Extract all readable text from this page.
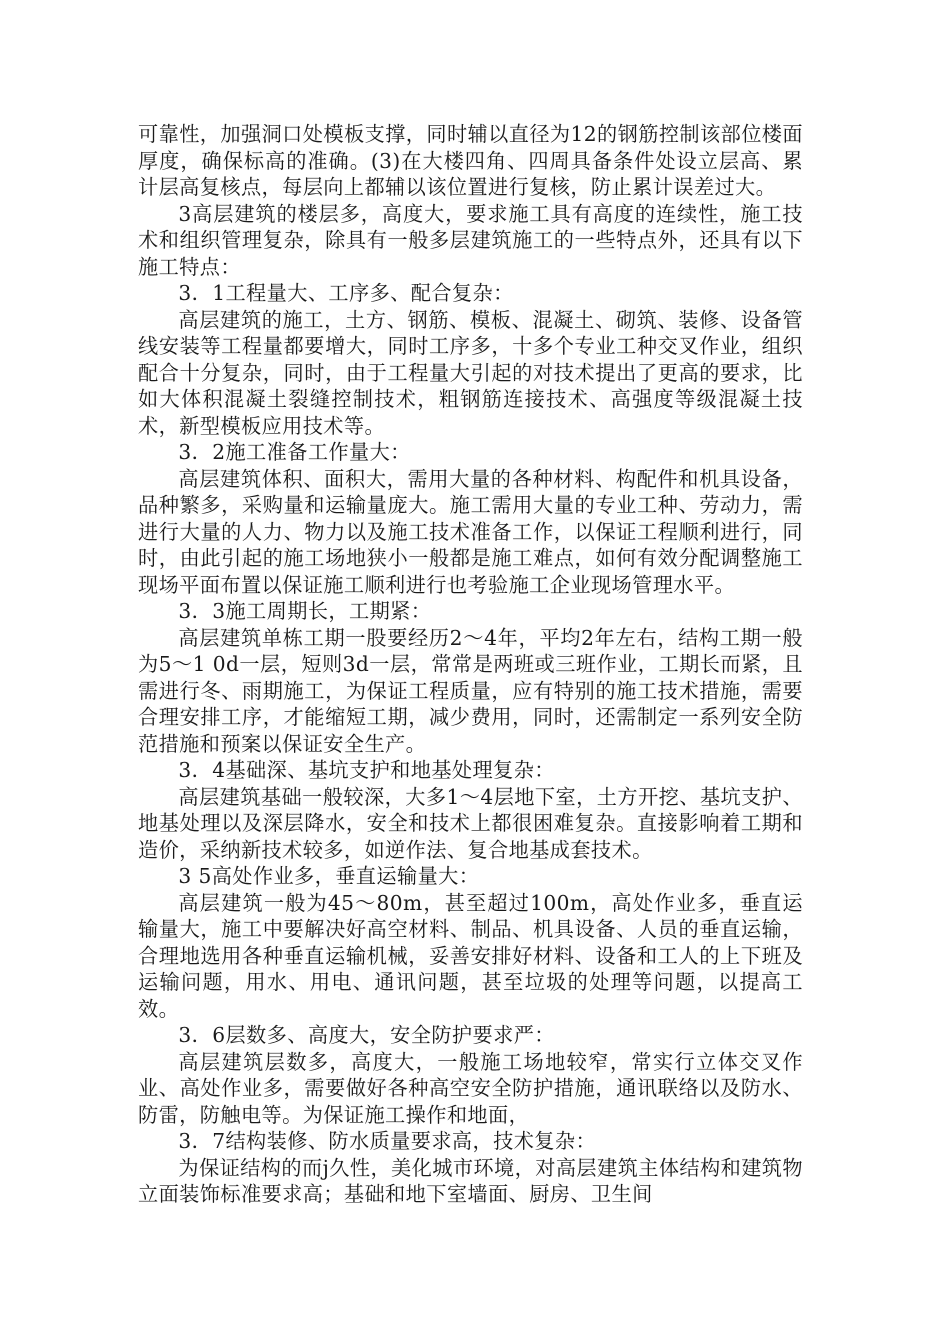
可靠性，加强洞口处模板支撑，同时辅以直径为12的钢筋控制该部位楼面厚度，确保标高的准确。(3)在大楼四角、四周具备条件处设立层高、累计层高复核点，每层向上都辅以该位置进行复核，防止累计误差过大。

3高层建筑的楼层多，高度大，要求施工具有高度的连续性，施工技术和组织管理复杂，除具有一般多层建筑施工的一些特点外，还具有以下施工特点：

3．1工程量大、工序多、配合复杂：

高层建筑的施工，土方、钢筋、模板、混凝土、砌筑、装修、设备管线安装等工程量都要增大，同时工序多，十多个专业工种交叉作业，组织配合十分复杂，同时，由于工程量大引起的对技术提出了更高的要求，比如大体积混凝土裂缝控制技术，粗钢筋连接技术、高强度等级混凝土技术，新型模板应用技术等。

3．2施工准备工作量大：

高层建筑体积、面积大，需用大量的各种材料、构配件和机具设备，品种繁多，采购量和运输量庞大。施工需用大量的专业工种、劳动力，需进行大量的人力、物力以及施工技术准备工作，以保证工程顺利进行，同时，由此引起的施工场地狭小一般都是施工难点，如何有效分配调整施工现场平面布置以保证施工顺利进行也考验施工企业现场管理水平。

3．3施工周期长，工期紧：

高层建筑单栋工期一股要经历2～4年，平均2年左右，结构工期一般为5～1 0d一层，短则3d一层，常常是两班或三班作业，工期长而紧，且需进行冬、雨期施工，为保证工程质量，应有特别的施工技术措施，需要合理安排工序，才能缩短工期，减少费用，同时，还需制定一系列安全防范措施和预案以保证安全生产。

3．4基础深、基坑支护和地基处理复杂：

高层建筑基础一般较深，大多1～4层地下室，土方开挖、基坑支护、地基处理以及深层降水，安全和技术上都很困难复杂。直接影响着工期和造价，采纳新技术较多，如逆作法、复合地基成套技术。

3 5高处作业多，垂直运输量大：

高层建筑一般为45～80m，甚至超过100m，高处作业多，垂直运输量大，施工中要解决好高空材料、制品、机具设备、人员的垂直运输，合理地选用各种垂直运输机械，妥善安排好材料、设备和工人的上下班及运输问题，用水、用电、通讯问题，甚至垃圾的处理等问题，以提高工效。

3．6层数多、高度大，安全防护要求严：

高层建筑层数多，高度大，一般施工场地较窄，常实行立体交叉作业、高处作业多，需要做好各种高空安全防护措施，通讯联络以及防水、防雷，防触电等。为保证施工操作和地面，

3．7结构装修、防水质量要求高，技术复杂：

为保证结构的而j久性，美化城市环境，对高层建筑主体结构和建筑物立面装饰标准要求高；基础和地下室墙面、厨房、卫生间
